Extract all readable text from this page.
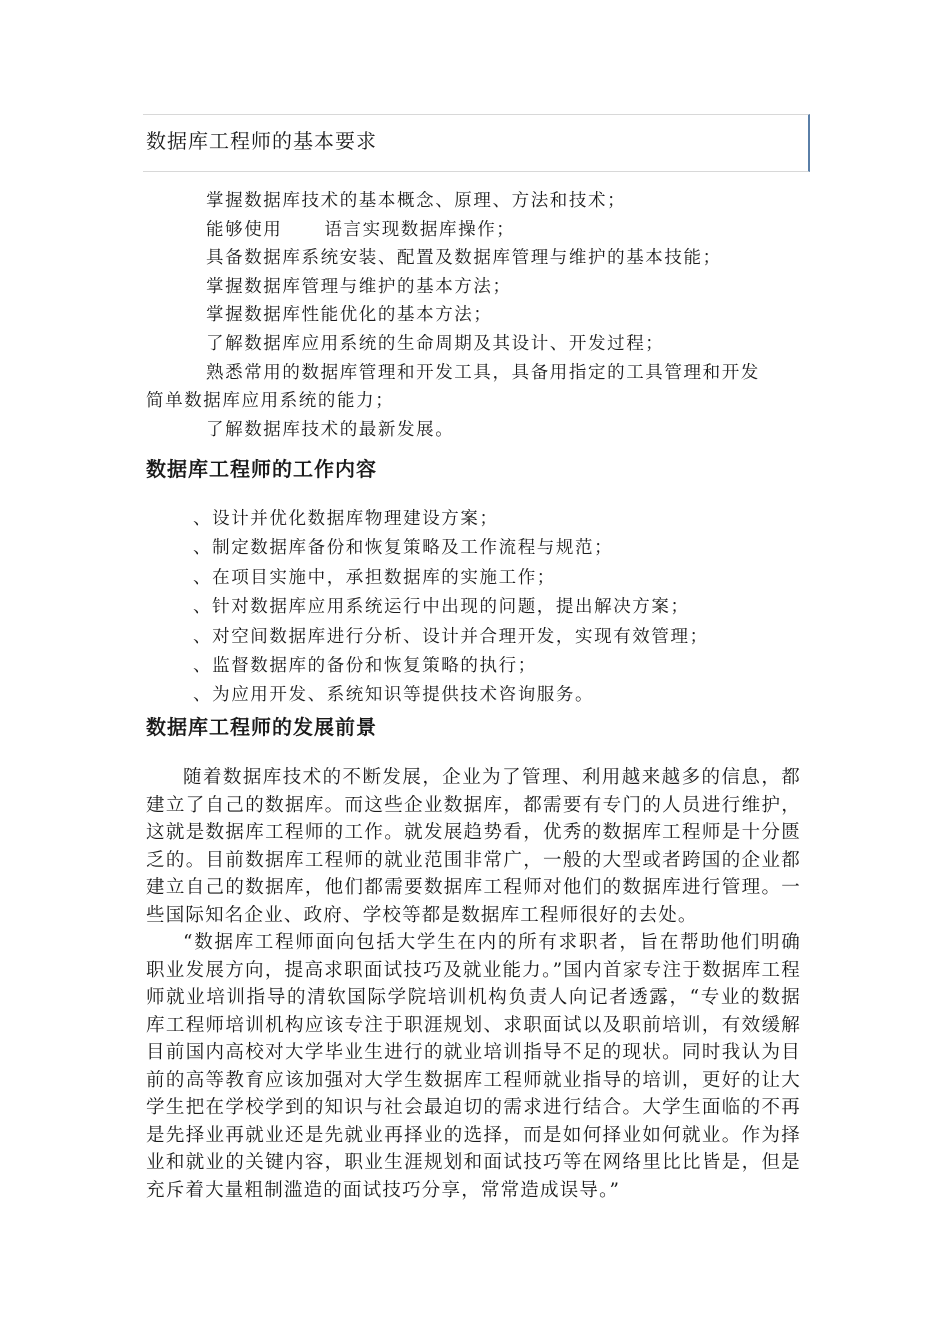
数据库工程师的基本要求

掌握数据库技术的基本概念、原理、方法和技术；

能够使用 语言实现数据库操作；

具备数据库系统安装、配置及数据库管理与维护的基本技能；

掌握数据库管理与维护的基本方法；

掌握数据库性能优化的基本方法；

了解数据库应用系统的生命周期及其设计、开发过程；

熟悉常用的数据库管理和开发工具，具备用指定的工具管理和开发

简单数据库应用系统的能力；

了解数据库技术的最新发展。

数据库工程师的工作内容

、设计并优化数据库物理建设方案；

、制定数据库备份和恢复策略及工作流程与规范；

、在项目实施中，承担数据库的实施工作；

、针对数据库应用系统运行中出现的问题，提出解决方案；

、对空间数据库进行分析、设计并合理开发，实现有效管理；

、监督数据库的备份和恢复策略的执行；

、为应用开发、系统知识等提供技术咨询服务。

数据库工程师的发展前景

随着数据库技术的不断发展，企业为了管理、利用越来越多的信息，都建立了自己的数据库。而这些企业数据库，都需要有专门的人员进行维护，这就是数据库工程师的工作。就发展趋势看，优秀的数据库工程师是十分匮乏的。目前数据库工程师的就业范围非常广，一般的大型或者跨国的企业都建立自己的数据库，他们都需要数据库工程师对他们的数据库进行管理。一些国际知名企业、政府、学校等都是数据库工程师很好的去处。

“数据库工程师面向包括大学生在内的所有求职者，旨在帮助他们明确职业发展方向，提高求职面试技巧及就业能力。”国内首家专注于数据库工程师就业培训指导的清软国际学院培训机构负责人向记者透露，“专业的数据库工程师培训机构应该专注于职涯规划、求职面试以及职前培训，有效缓解目前国内高校对大学毕业生进行的就业培训指导不足的现状。同时我认为目前的高等教育应该加强对大学生数据库工程师就业指导的培训，更好的让大学生把在学校学到的知识与社会最迫切的需求进行结合。大学生面临的不再是先择业再就业还是先就业再择业的选择，而是如何择业如何就业。作为择业和就业的关键内容，职业生涯规划和面试技巧等在网络里比比皆是，但是充斥着大量粗制滥造的面试技巧分享，常常造成误导。”
